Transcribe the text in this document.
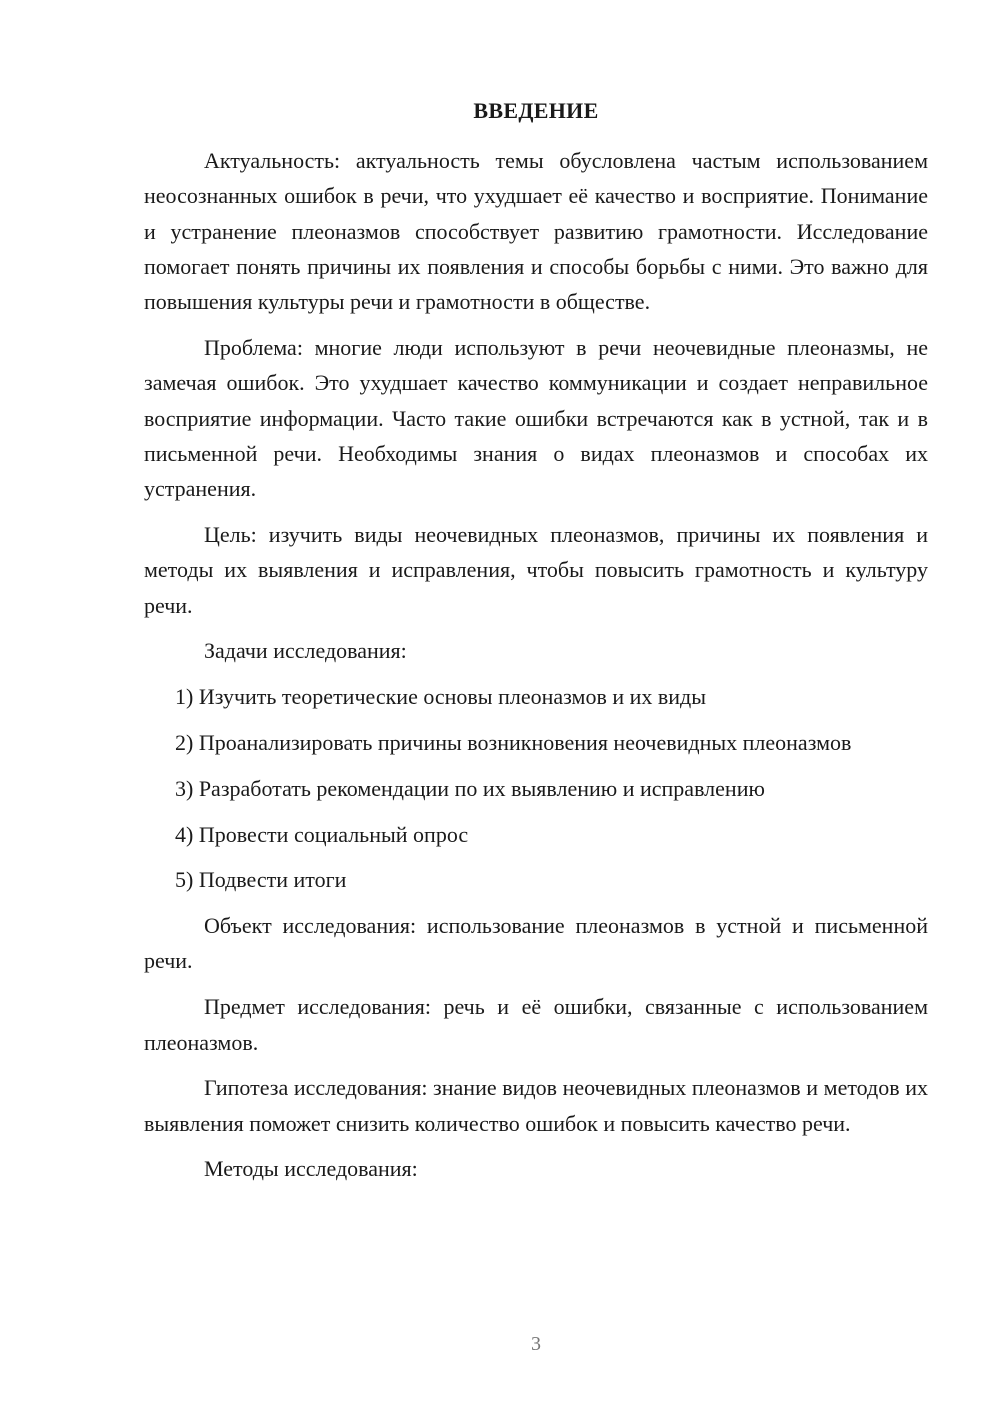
ВВЕДЕНИЕ

Актуальность: актуальность темы обусловлена частым использованием неосознанных ошибок в речи, что ухудшает её качество и восприятие. Понимание и устранение плеоназмов способствует развитию грамотности. Исследование помогает понять причины их появления и способы борьбы с ними. Это важно для повышения культуры речи и грамотности в обществе.

Проблема: многие люди используют в речи неочевидные плеоназмы, не замечая ошибок. Это ухудшает качество коммуникации и создает неправильное восприятие информации. Часто такие ошибки встречаются как в устной, так и в письменной речи. Необходимы знания о видах плеоназмов и способах их устранения.

Цель: изучить виды неочевидных плеоназмов, причины их появления и методы их выявления и исправления, чтобы повысить грамотность и культуру речи.

Задачи исследования:

1) Изучить теоретические основы плеоназмов и их виды

2) Проанализировать причины возникновения неочевидных плеоназмов

3) Разработать рекомендации по их выявлению и исправлению

4) Провести социальный опрос

5) Подвести итоги

Объект исследования: использование плеоназмов в устной и письменной речи.

Предмет исследования: речь и её ошибки, связанные с использованием плеоназмов.

Гипотеза исследования: знание видов неочевидных плеоназмов и методов их выявления поможет снизить количество ошибок и повысить качество речи.

Методы исследования:

3
